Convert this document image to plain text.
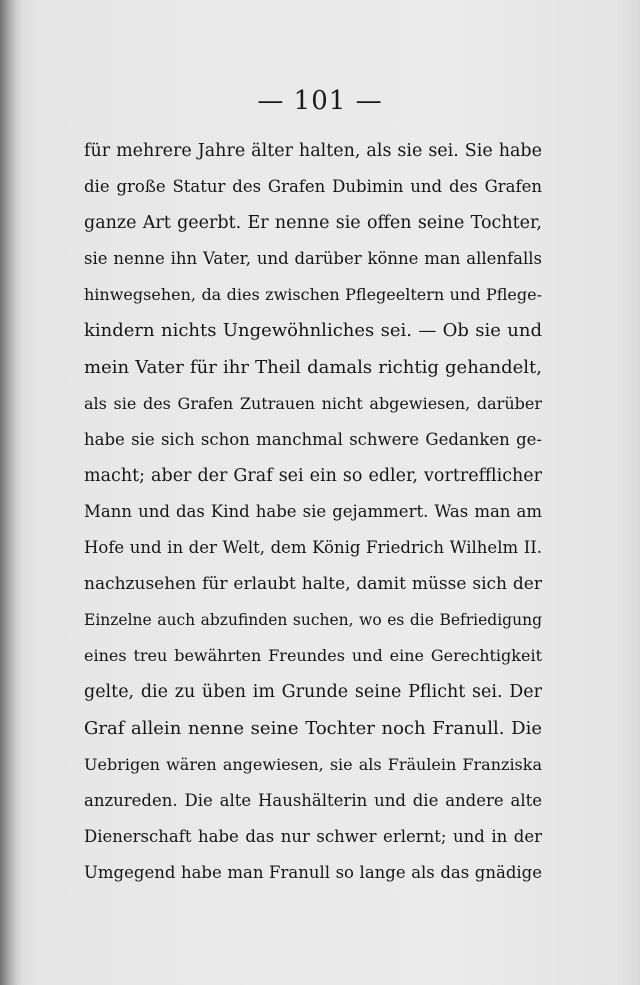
— 101 —
für mehrere Jahre älter halten, als sie sei. Sie habe
die große Statur des Grafen Dubimin und des Grafen
ganze Art geerbt. Er nenne sie offen seine Tochter,
sie nenne ihn Vater, und darüber könne man allenfalls
hinwegsehen, da dies zwischen Pflegeeltern und Pflege-
kindern nichts Ungewöhnliches sei. — Ob sie und
mein Vater für ihr Theil damals richtig gehandelt,
als sie des Grafen Zutrauen nicht abgewiesen, darüber
habe sie sich schon manchmal schwere Gedanken ge-
macht; aber der Graf sei ein so edler, vortrefflicher
Mann und das Kind habe sie gejammert. Was man am
Hofe und in der Welt, dem König Friedrich Wilhelm II.
nachzusehen für erlaubt halte, damit müsse sich der
Einzelne auch abzufinden suchen, wo es die Befriedigung
eines treu bewährten Freundes und eine Gerechtigkeit
gelte, die zu üben im Grunde seine Pflicht sei. Der
Graf allein nenne seine Tochter noch Franull. Die
Uebrigen wären angewiesen, sie als Fräulein Franziska
anzureden. Die alte Haushälterin und die andere alte
Dienerschaft habe das nur schwer erlernt; und in der
Umgegend habe man Franull so lange als das gnädige
